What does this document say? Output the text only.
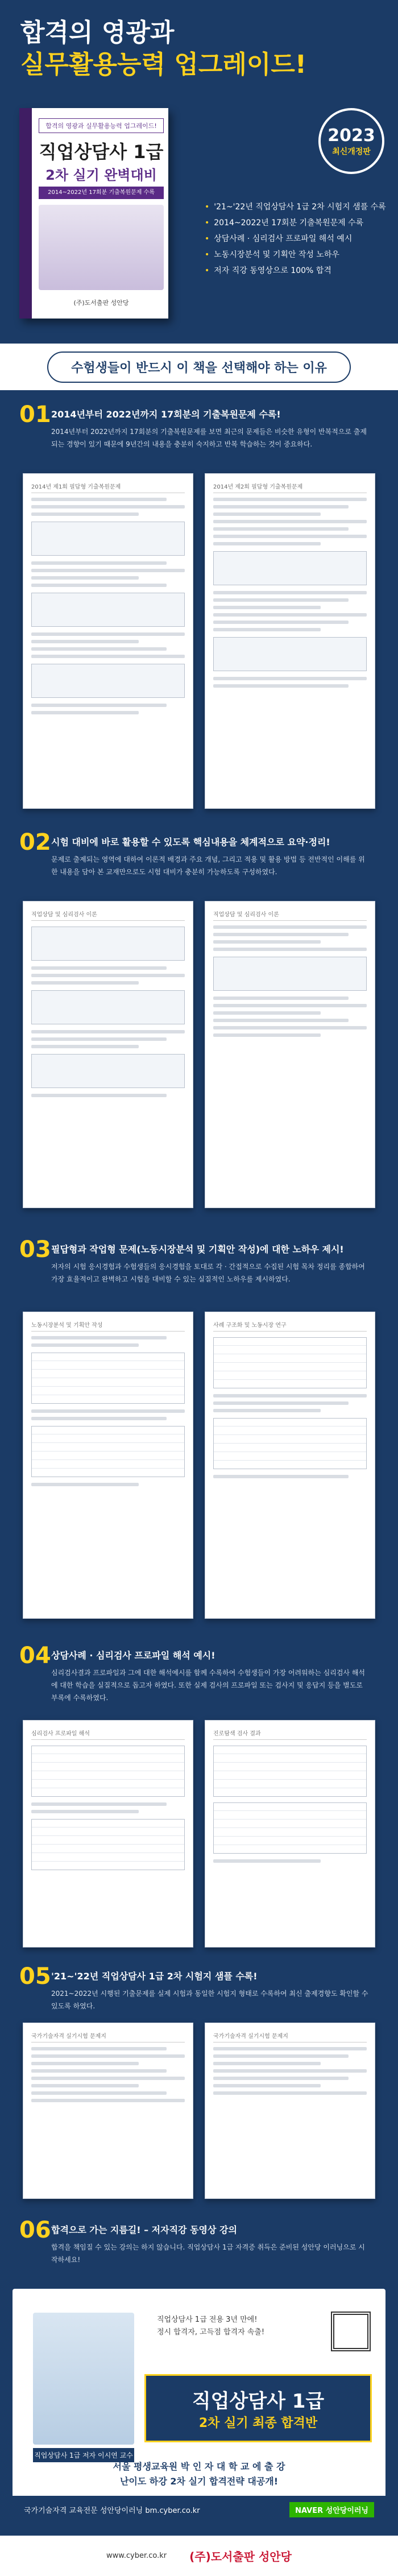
합격의 영광과
실무활용능력 업그레이드!
합격의 영광과 실무활용능력 업그레이드!
직업상담사 1급
2차 실기 완벽대비
2014~2022년 17회분 기출복원문제 수록
(주)도서출판 성안당
2023
최신개정판
• '21~'22년 직업상담사 1급 2차 시험지 샘플 수록
• 2014~2022년 17회분 기출복원문제 수록
• 상담사례 · 심리검사 프로파일 해석 예시
• 노동시장분석 및 기획안 작성 노하우
• 저자 직강 동영상으로 100% 합격
수험생들이 반드시 이 책을 선택해야 하는 이유
01 2014년부터 2022년까지 17회분의 기출복원문제 수록!
2014년부터 2022년까지 17회분의 기출복원문제를 보면 최근의 문제들은 비슷한 유형이 반복적으로 출제되는 경향이 있기 때문에 9년간의 내용을 충분히 숙지하고 반복 학습하는 것이 중요하다.
2014년 제1회 필답형 기출복원문제	2014년 제2회 필답형 기출복원문제
02 시험 대비에 바로 활용할 수 있도록 핵심내용을 체계적으로 요약·정리!
문제로 출제되는 영역에 대하여 이론적 배경과 주요 개념, 그리고 적용 및 활용 방법 등 전반적인 이해를 위한 내용을 담아 본 교재만으로도 시험 대비가 충분히 가능하도록 구성하였다.
직업상담 및 심리검사 이론	직업상담 및 심리검사 이론
03 필답형과 작업형 문제(노동시장분석 및 기획안 작성)에 대한 노하우 제시!
저자의 시험 응시경험과 수험생들의 응시경험을 토대로 각 · 간접적으로 수집된 시험 목차 정리를 종합하여 가장 효율적이고 완벽하고 시험을 대비할 수 있는 실질적인 노하우를 제시하였다.
노동시장분석 및 기획안 작성	사례 구조화 및 노동시장 연구
04 상담사례 · 심리검사 프로파일 해석 예시!
심리검사결과 프로파일과 그에 대한 해석예시를 함께 수록하여 수험생들이 가장 어려워하는 심리검사 해석에 대한 학습을 실질적으로 돕고자 하였다. 또한 실제 검사의 프로파일 또는 검사지 및 응답지 등을 별도로 부록에 수록하였다.
심리검사 프로파일 해석	진로탐색 검사 결과
05 '21~'22년 직업상담사 1급 2차 시험지 샘플 수록!
2021~2022년 시행된 기출문제를 실제 시험과 동일한 시험지 형태로 수록하여 최신 출제경향도 확인할 수 있도록 하였다.
국가기술자격 실기시험 문제지	국가기술자격 실기시험 문제지
06 합격으로 가는 지름길! – 저자직강 동영상 강의
합격을 책임질 수 있는 강의는 하지 않습니다. 직업상담사 1급 자격증 취득은 준비된 성안당 이러닝으로 시작하세요!
직업상담사 1급 저자 이시연 교수
직업상담사 1급 전용 3년 만에!
정시 합격자, 고득점 합격자 속출!
직업상담사 1급
2차 실기 최종 합격반
서울 평생교육원 박 인 자 대 학 교 에 출 강
난이도 하강 2차 실기 합격전략 대공개!
국가기술자격 교육전문 성안당이러닝 bm.cyber.co.kr	NAVER 성안당이러닝
www.cyber.co.kr (주)도서출판 성안당
